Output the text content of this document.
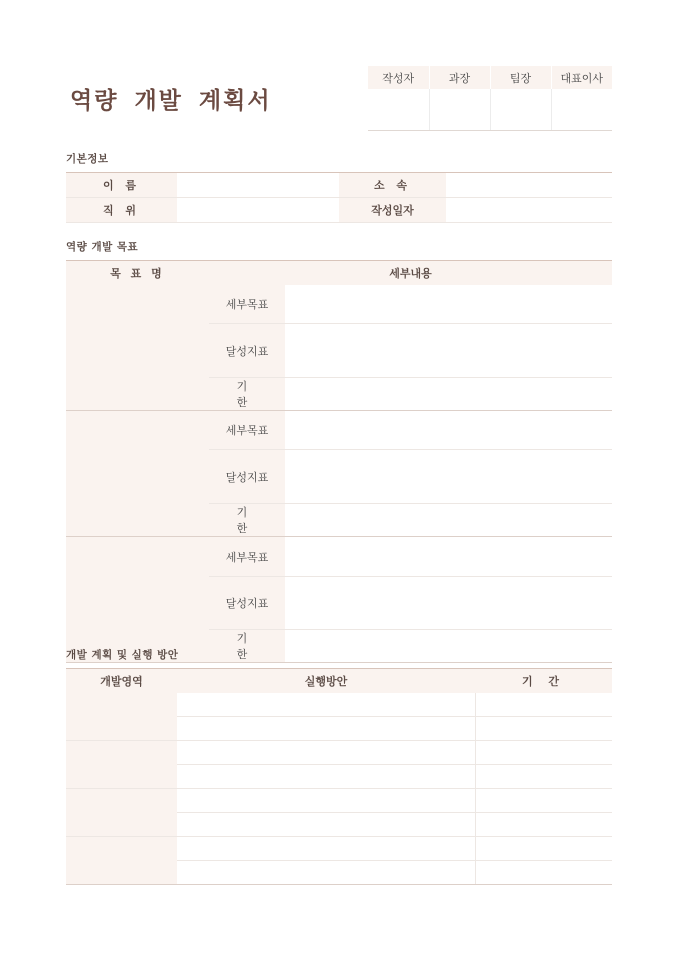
역량 개발 계획서
작성자	과장	팀장	대표이사

기본정보
이 름		소 속	
직 위		작성일자	
역량 개발 목표
목 표 명	세부내용	
	세부목표	
	달성지표	
	기 한	
	세부목표	
	달성지표	
	기 한	
	세부목표	
	달성지표	
	기 한	
개발 계획 및 실행 방안
개발영역	실행방안	기 간
